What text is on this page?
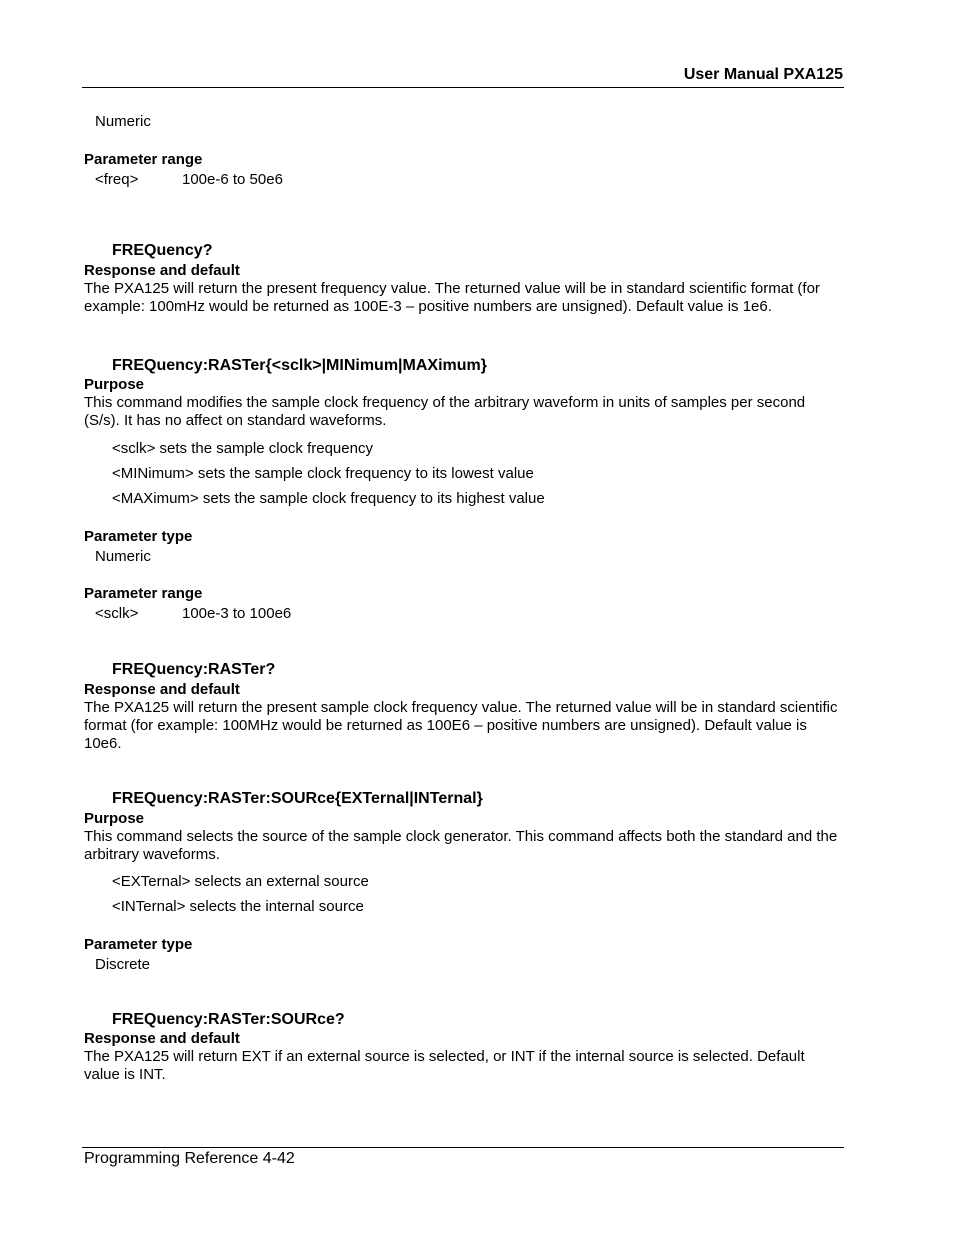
User Manual PXA125
Numeric
Parameter range
<freq>	100e-6 to 50e6
FREQuency?
Response and default
The PXA125 will return the present frequency value. The returned value will be in standard scientific format (for example: 100mHz would be returned as 100E-3 – positive numbers are unsigned). Default value is 1e6.
FREQuency:RASTer{<sclk>|MINimum|MAXimum}
Purpose
This command modifies the sample clock frequency of the arbitrary waveform in units of samples per second (S/s). It has no affect on standard waveforms.
<sclk> sets the sample clock frequency
<MINimum> sets the sample clock frequency to its lowest value
<MAXimum> sets the sample clock frequency to its highest value
Parameter type
Numeric
Parameter range
<sclk>	100e-3 to 100e6
FREQuency:RASTer?
Response and default
The PXA125 will return the present sample clock frequency value. The returned value will be in standard scientific format (for example: 100MHz would be returned as 100E6 – positive numbers are unsigned). Default value is 10e6.
FREQuency:RASTer:SOURce{EXTernal|INTernal}
Purpose
This command selects the source of the sample clock generator. This command affects both the standard and the arbitrary waveforms.
<EXTernal> selects an external source
<INTernal> selects the internal source
Parameter type
Discrete
FREQuency:RASTer:SOURce?
Response and default
The PXA125 will return EXT if an external source is selected, or INT if the internal source is selected. Default value is INT.
Programming Reference 4-42
